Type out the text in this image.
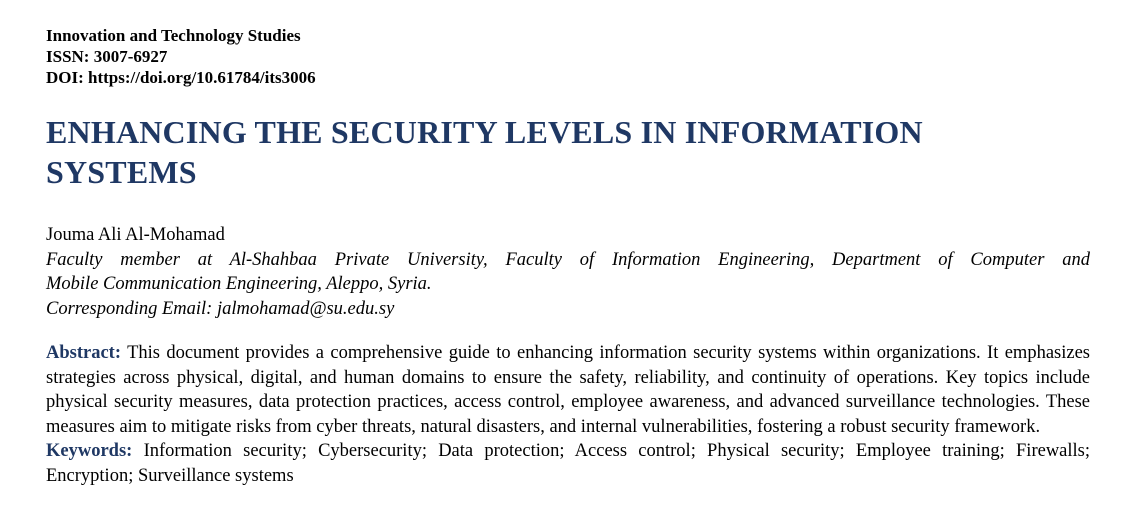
Innovation and Technology Studies
ISSN: 3007-6927
DOI: https://doi.org/10.61784/its3006
ENHANCING THE SECURITY LEVELS IN INFORMATION SYSTEMS
Jouma Ali Al-Mohamad
Faculty member at Al-Shahbaa Private University, Faculty of Information Engineering, Department of Computer and
Mobile Communication Engineering, Aleppo, Syria.
Corresponding Email: jalmohamad@su.edu.sy
Abstract: This document provides a comprehensive guide to enhancing information security systems within organizations. It emphasizes strategies across physical, digital, and human domains to ensure the safety, reliability, and continuity of operations. Key topics include physical security measures, data protection practices, access control, employee awareness, and advanced surveillance technologies. These measures aim to mitigate risks from cyber threats, natural disasters, and internal vulnerabilities, fostering a robust security framework.
Keywords: Information security; Cybersecurity; Data protection; Access control; Physical security; Employee training; Firewalls; Encryption; Surveillance systems
